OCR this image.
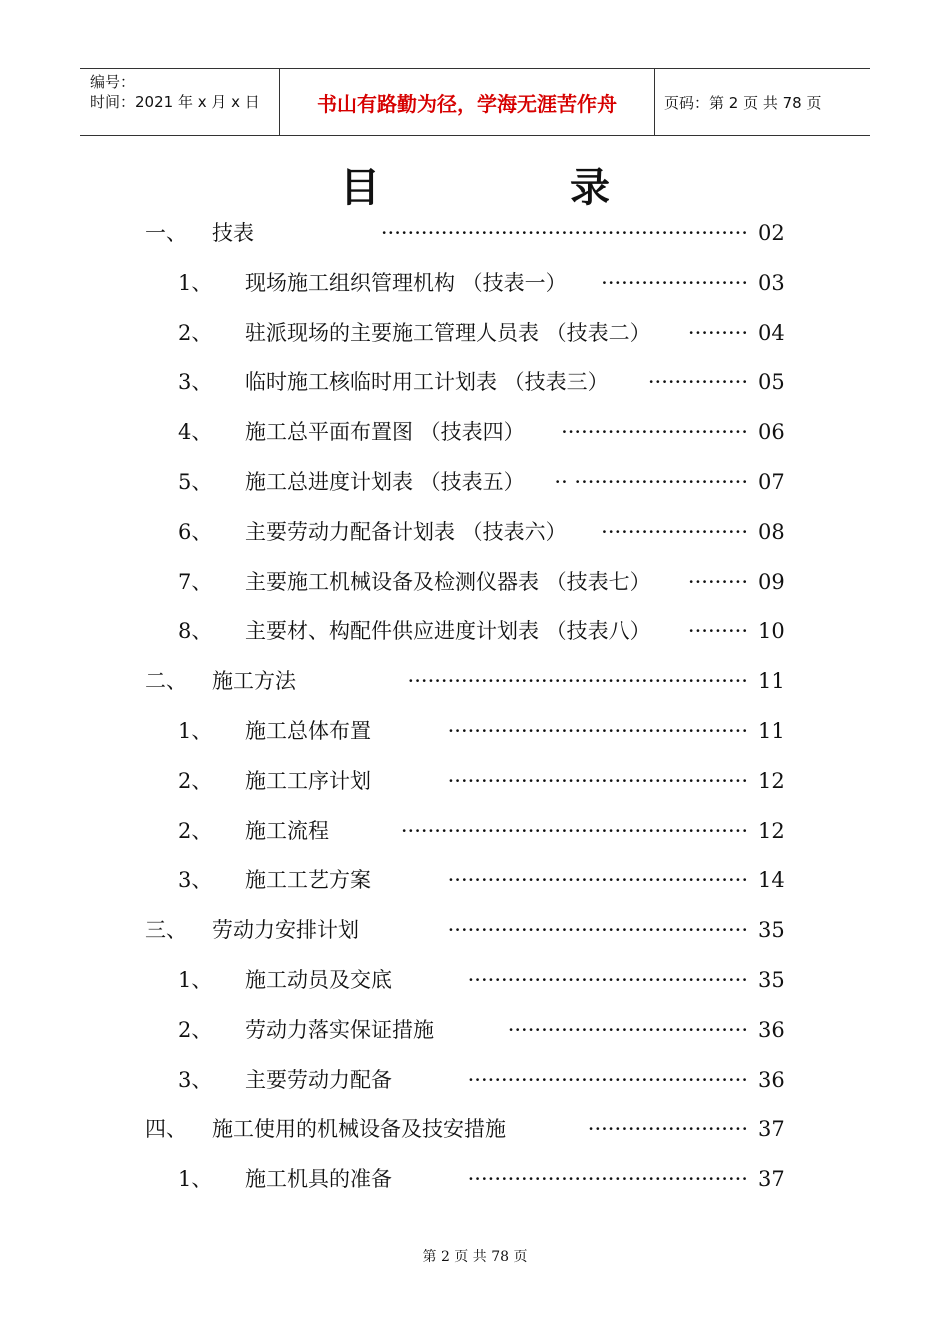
编号：
时间：2021 年 x 月 x 日	书山有路勤为径，学海无涯苦作舟	页码：第 2 页 共 78 页
目	录
一、 技表	······················································· 02
1、 现场施工组织管理机构 （技表一）	······················ 03
2、 驻派现场的主要施工管理人员表 （技表二）	········· 04
3、 临时施工核临时用工计划表 （技表三）	··············· 05
4、 施工总平面布置图 （技表四）	···························· 06
5、 施工总进度计划表 （技表五）	·························· ·· 07
6、 主要劳动力配备计划表 （技表六）	······················ 08
7、 主要施工机械设备及检测仪器表 （技表七）	········· 09
8、 主要材、构配件供应进度计划表 （技表八）	········· 10
二、 施工方法	··················································· 11
1、 施工总体布置	············································· 11
2、 施工工序计划	············································· 12
2、 施工流程	···················································· 12
3、 施工工艺方案	············································· 14
三、 劳动力安排计划	············································· 35
1、 施工动员及交底	·········································· 35
2、 劳动力落实保证措施	···································· 36
3、 主要劳动力配备	·········································· 36
四、 施工使用的机械设备及技安措施	························ 37
1、 施工机具的准备	·········································· 37
第 2 页 共 78 页
